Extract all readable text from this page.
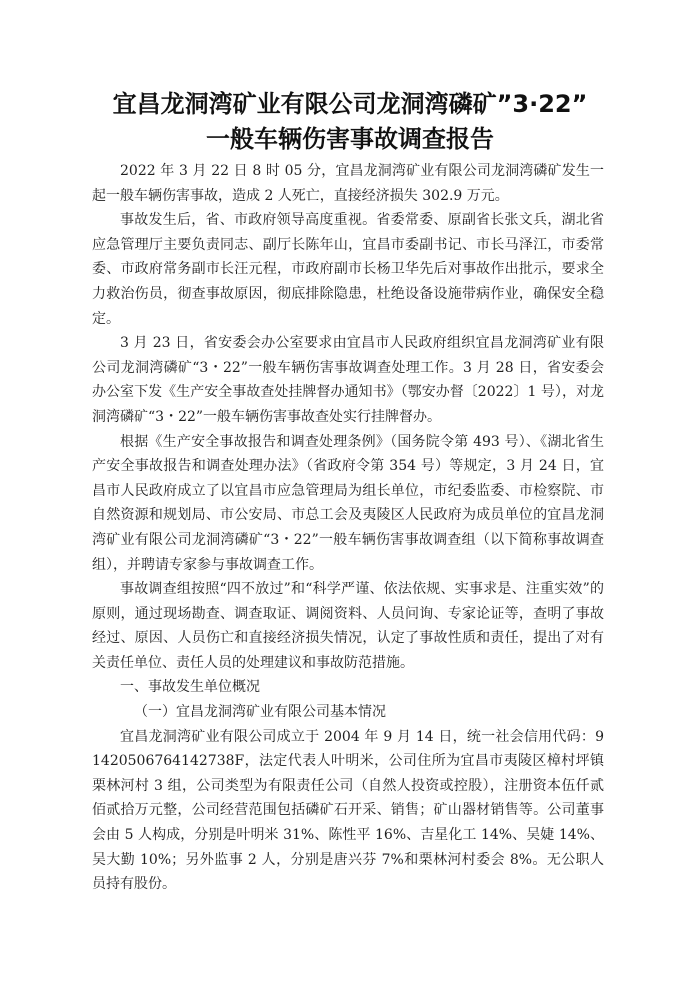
宜昌龙洞湾矿业有限公司龙洞湾磷矿”3·22”
一般车辆伤害事故调查报告

2022 年 3 月 22 日 8 时 05 分，宜昌龙洞湾矿业有限公司龙洞湾磷矿发生一起一般车辆伤害事故，造成 2 人死亡，直接经济损失 302.9 万元。

事故发生后，省、市政府领导高度重视。省委常委、原副省长张文兵，湖北省应急管理厅主要负责同志、副厅长陈年山，宜昌市委副书记、市长马泽江，市委常委、市政府常务副市长汪元程，市政府副市长杨卫华先后对事故作出批示，要求全力救治伤员，彻查事故原因，彻底排除隐患，杜绝设备设施带病作业，确保安全稳定。

3 月 23 日，省安委会办公室要求由宜昌市人民政府组织宜昌龙洞湾矿业有限公司龙洞湾磷矿“3・22”一般车辆伤害事故调查处理工作。3 月 28 日，省安委会办公室下发《生产安全事故查处挂牌督办通知书》（鄂安办督〔2022〕1 号），对龙洞湾磷矿“3・22”一般车辆伤害事故查处实行挂牌督办。

根据《生产安全事故报告和调查处理条例》（国务院令第 493 号）、《湖北省生产安全事故报告和调查处理办法》（省政府令第 354 号）等规定，3 月 24 日，宜昌市人民政府成立了以宜昌市应急管理局为组长单位，市纪委监委、市检察院、市自然资源和规划局、市公安局、市总工会及夷陵区人民政府为成员单位的宜昌龙洞湾矿业有限公司龙洞湾磷矿“3・22”一般车辆伤害事故调查组（以下简称事故调查组），并聘请专家参与事故调查工作。

事故调查组按照“四不放过”和“科学严谨、依法依规、实事求是、注重实效”的原则，通过现场勘查、调查取证、调阅资料、人员问询、专家论证等，查明了事故经过、原因、人员伤亡和直接经济损失情况，认定了事故性质和责任，提出了对有关责任单位、责任人员的处理建议和事故防范措施。

一、事故发生单位概况

（一）宜昌龙洞湾矿业有限公司基本情况

宜昌龙洞湾矿业有限公司成立于 2004 年 9 月 14 日，统一社会信用代码：91420506764142738F，法定代表人叶明米，公司住所为宜昌市夷陵区樟村坪镇栗林河村 3 组，公司类型为有限责任公司（自然人投资或控股），注册资本伍仟贰佰贰拾万元整，公司经营范围包括磷矿石开采、销售；矿山器材销售等。公司董事会由 5 人构成，分别是叶明米 31%、陈性平 16%、吉星化工 14%、吴婕 14%、吴大勤 10%；另外监事 2 人，分别是唐兴芬 7%和栗林河村委会 8%。无公职人员持有股份。
